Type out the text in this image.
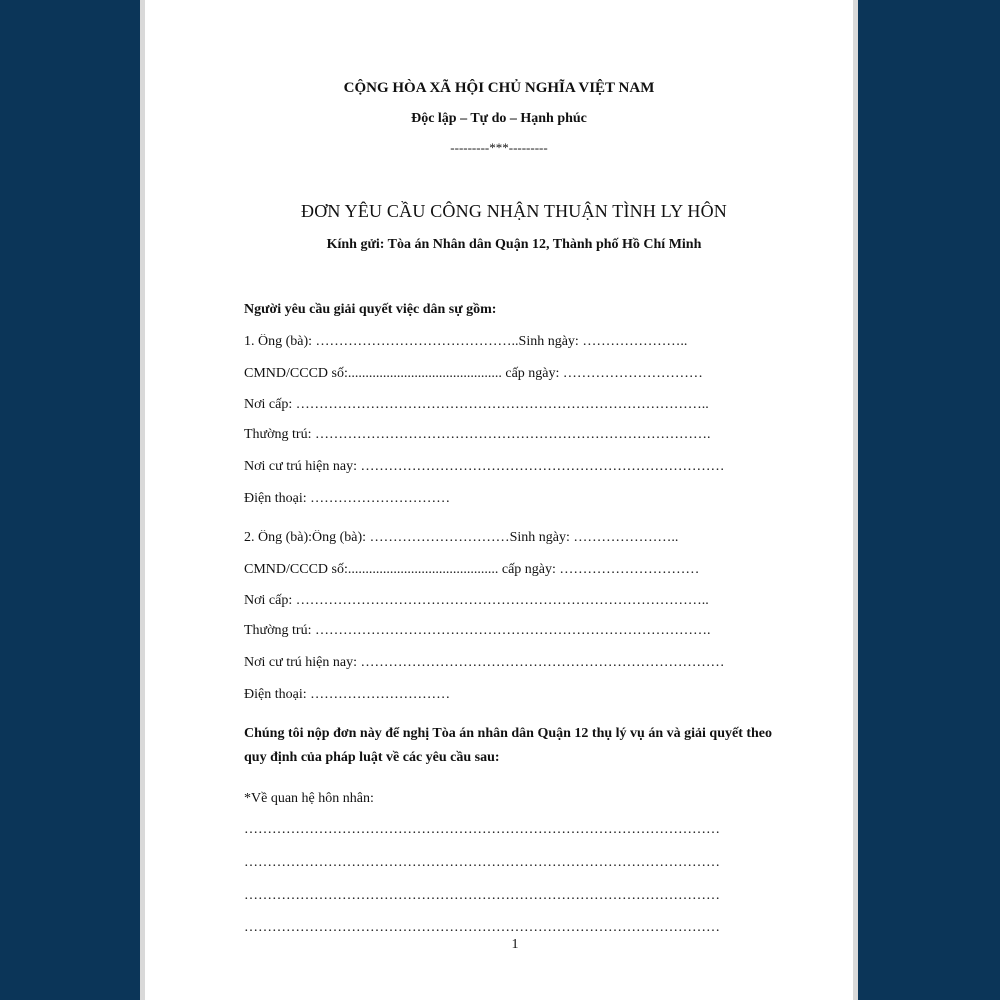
CỘNG HÒA XÃ HỘI CHỦ NGHĨA VIỆT NAM
Độc lập – Tự do – Hạnh phúc
---------***---------
ĐƠN YÊU CẦU CÔNG NHẬN THUẬN TÌNH LY HÔN
Kính gửi: Tòa án Nhân dân Quận 12, Thành phố Hồ Chí Minh
Người yêu cầu giải quyết việc dân sự gồm:
1. Ông (bà): ……………………………………..Sinh ngày: …………………..
CMND/CCCD số:............................................ cấp ngày: …………………………
Nơi cấp: ……………………………………………………………………………..
Thường trú: ………………………………………………………………………….
Nơi cư trú hiện nay: ……………………………………………………………………
Điện thoại: …………………………
2. Ông (bà):Ông (bà): …………………………Sinh ngày: …………………..
CMND/CCCD số:........................................... cấp ngày: …………………………
Nơi cấp: ……………………………………………………………………………..
Thường trú: ………………………………………………………………………….
Nơi cư trú hiện nay: ……………………………………………………………………
Điện thoại: …………………………
Chúng tôi nộp đơn này để nghị Tòa án nhân dân Quận 12 thụ lý vụ án và giải quyết theo quy định của pháp luật về các yêu cầu sau:
*Về quan hệ hôn nhân:
…………………………………………………………………………………………
…………………………………………………………………………………………
…………………………………………………………………………………………
…………………………………………………………………………………………
1
